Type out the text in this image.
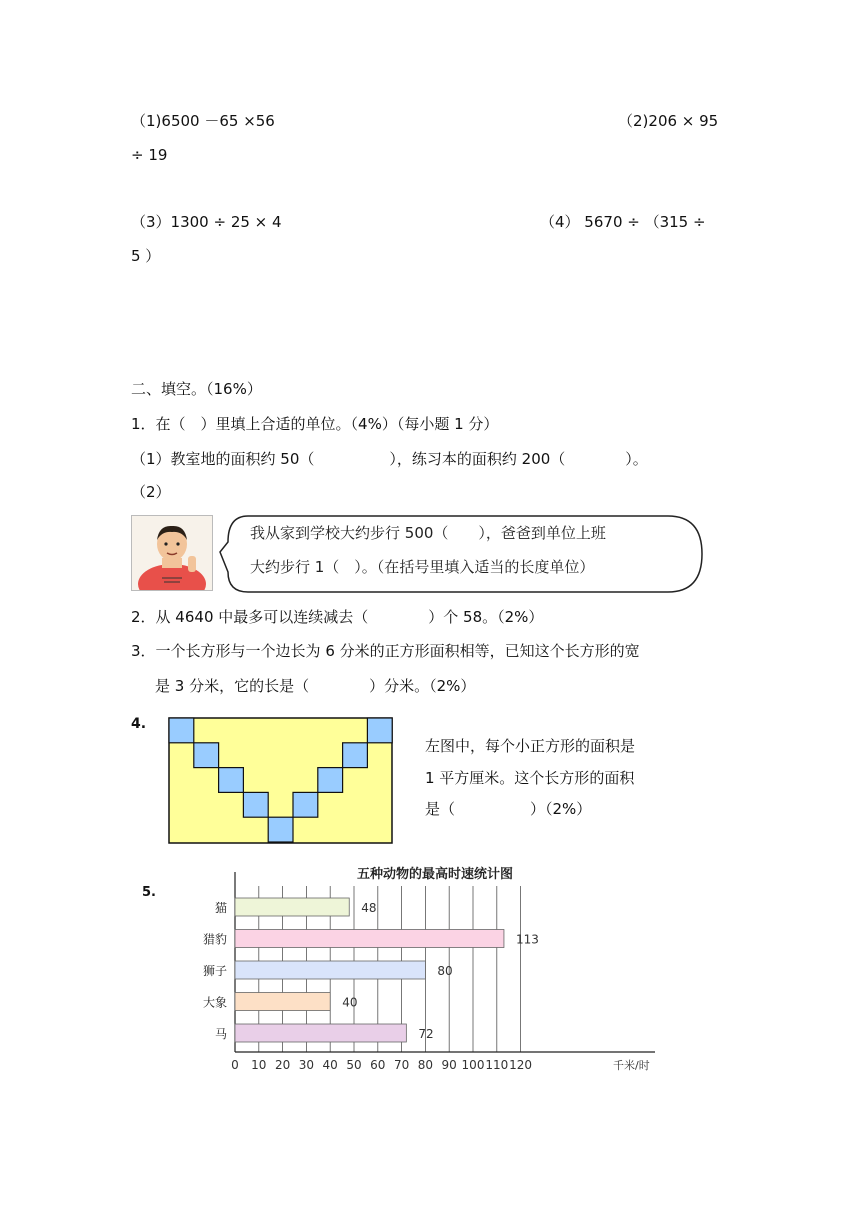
（1)6500 －65 ×56	（2)206 × 95
÷ 19
（3）1300 ÷ 25 × 4	（4） 5670 ÷ （315 ÷
5 ）
二、填空。（16%）
1．在（　）里填上合适的单位。（4%）（每小题 1 分）
（1）教室地的面积约 50（　　　　　），练习本的面积约 200（　　　　）。
（2）
我从家到学校大约步行 500（　　），爸爸到单位上班
大约步行 1（　）。（在括号里填入适当的长度单位）
2．从 4640 中最多可以连续减去（　　　　）个 58。（2%）
3．一个长方形与一个边长为 6 分米的正方形面积相等，已知这个长方形的宽
是 3 分米，它的长是（　　　　）分米。（2%）
4.
左图中，每个小正方形的面积是
1 平方厘米。这个长方形的面积
是（　　　　　）（2%）
5.
五种动物的最高时速统计图
48
113
80
40
72
猫
猎豹
狮子
大象
马
0 10 20 30 40 50 60 70 80 90 100 110 120	千米/时
